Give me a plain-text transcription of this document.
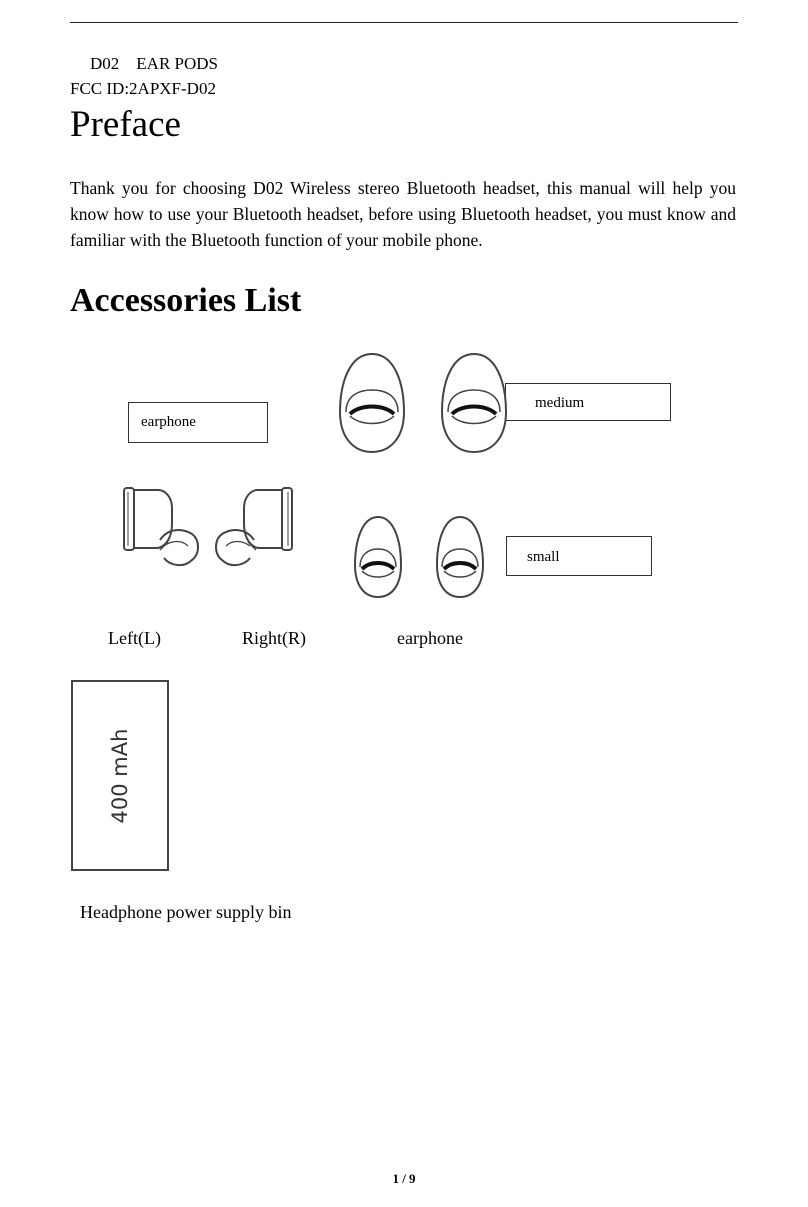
D02    EAR PODS
FCC ID:2APXF-D02
Preface

Thank you for choosing D02 Wireless stereo Bluetooth headset, this manual will help you know how to use your Bluetooth headset, before using Bluetooth headset, you must know and familiar with the Bluetooth function of your mobile phone.

Accessories List
earphone
medium
small
Left(L)	Right(R)	earphone
400 mAh
Headphone power supply bin
1 / 9
